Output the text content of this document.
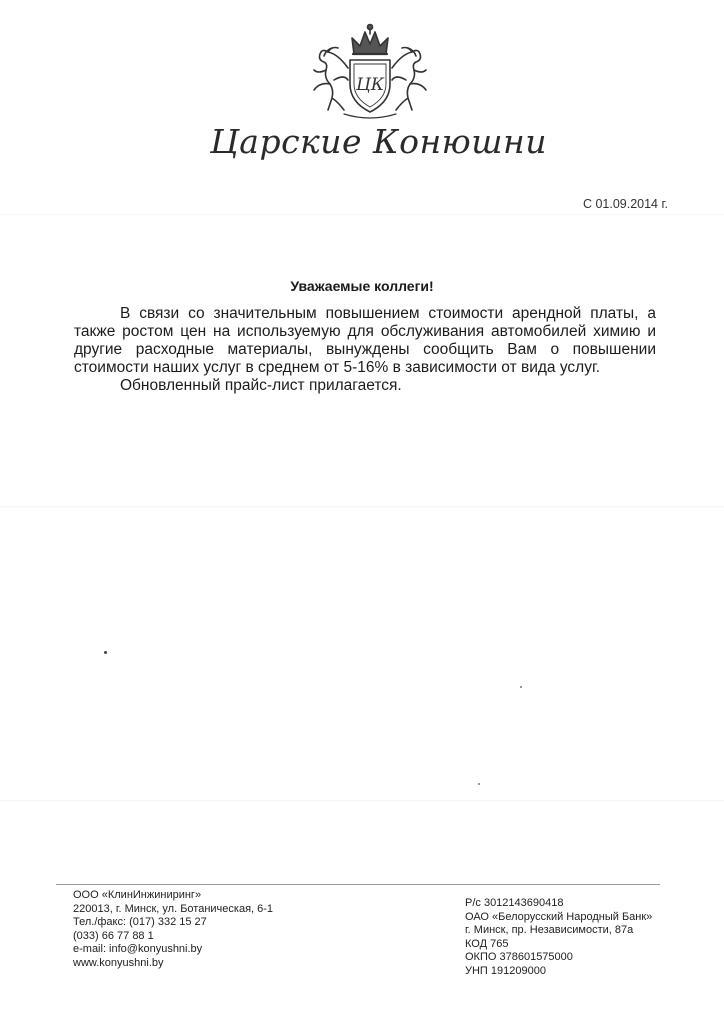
ЦК
Царские Конюшни
С 01.09.2014 г.
Уважаемые коллеги!

В связи со значительным повышением стоимости арендной платы, а также ростом цен на используемую для обслуживания автомобилей химию и другие расходные материалы, вынуждены сообщить Вам о повышении стоимости наших услуг в среднем от 5-16% в зависимости от вида услуг.

Обновленный прайс-лист прилагается.

ООО «КлинИнжиниринг»
220013, г. Минск, ул. Ботаническая, 6-1
Тел./факс: (017) 332 15 27
(033) 66 77 88 1
e-mail: info@konyushni.by
www.konyushni.by
Р/с 3012143690418
ОАО «Белорусский Народный Банк»
г. Минск, пр. Независимости, 87а
КОД 765
ОКПО 378601575000
УНП 191209000
